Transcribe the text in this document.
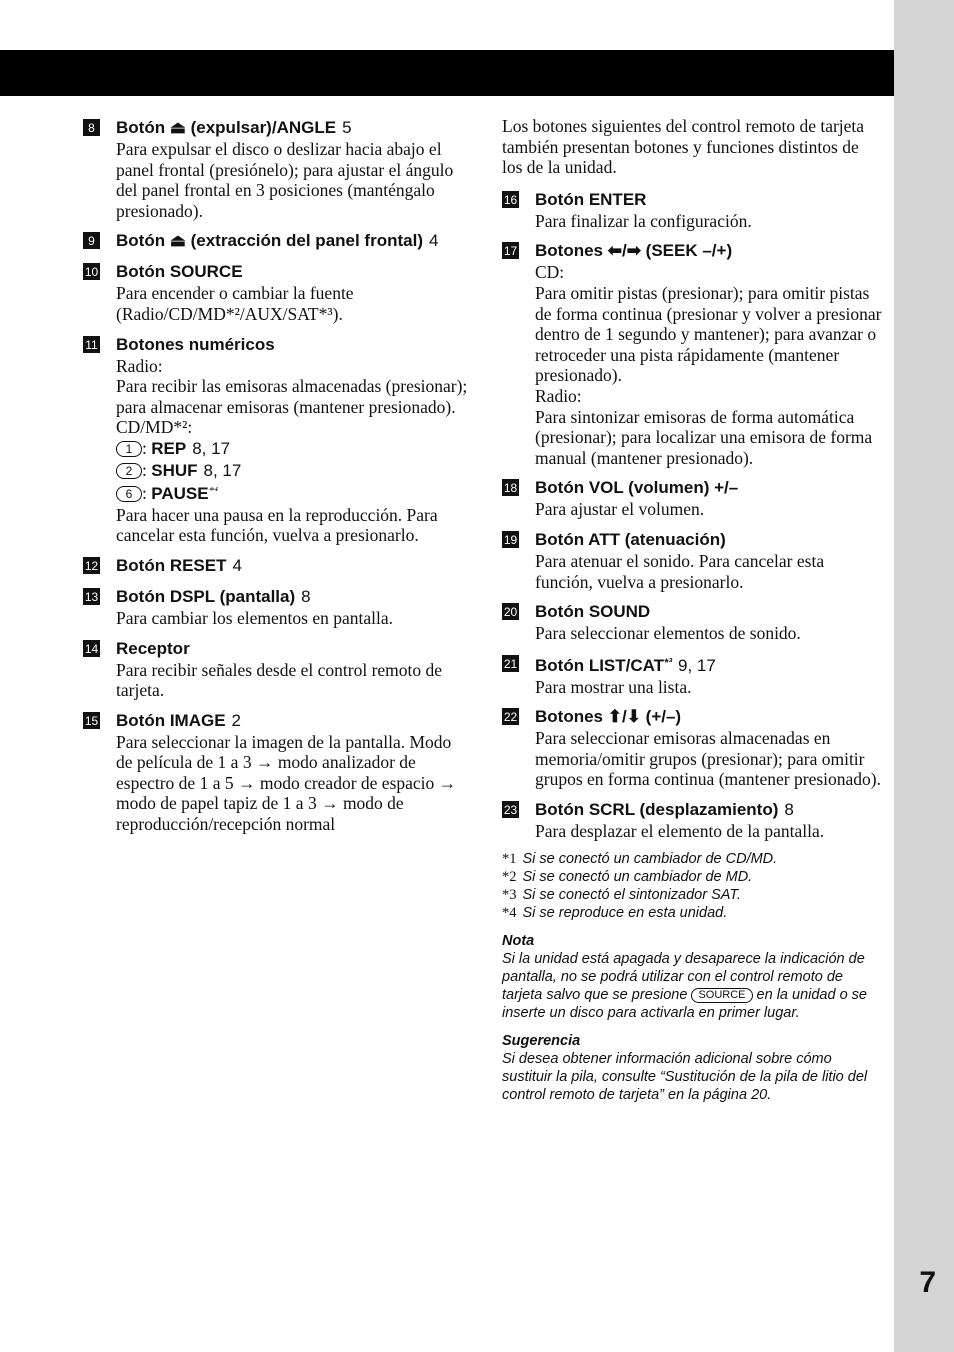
7
8	Botón ⏏ (expulsar)/ANGLE 5
Para expulsar el disco o deslizar hacia abajo el panel frontal (presiónelo); para ajustar el ángulo del panel frontal en 3 posiciones (manténgalo presionado).
9	Botón ⏏ (extracción del panel frontal) 4
10 Botón SOURCE
Para encender o cambiar la fuente (Radio/CD/MD*²/AUX/SAT*³).
11 Botones numéricos
Radio:
Para recibir las emisoras almacenadas (presionar); para almacenar emisoras (mantener presionado).
CD/MD*²:
1 : REP 8, 17
2 : SHUF 8, 17
6 : $PAUSE^{*^4}$
Para hacer una pausa en la reproducción. Para cancelar esta función, vuelva a presionarlo.
12 Botón RESET 4
13 Botón DSPL (pantalla) 8
Para cambiar los elementos en pantalla.
14 Receptor
Para recibir señales desde el control remoto de tarjeta.
15 Botón IMAGE 2
Para seleccionar la imagen de la pantalla. Modo de película de 1 a 3 → modo analizador de espectro de 1 a 5 → modo creador de espacio → modo de papel tapiz de 1 a 3 → modo de reproducción/recepción normal
Los botones siguientes del control remoto de tarjeta también presentan botones y funciones distintos de los de la unidad.
16 Botón ENTER
Para finalizar la configuración.
17 Botones ⬅/➡ (SEEK –/+)
CD:
Para omitir pistas (presionar); para omitir pistas de forma continua (presionar y volver a presionar dentro de 1 segundo y mantener); para avanzar o retroceder una pista rápidamente (mantener presionado).
Radio:
Para sintonizar emisoras de forma automática (presionar); para localizar una emisora de forma manual (mantener presionado).
18 Botón VOL (volumen) +/–
Para ajustar el volumen.
19 Botón ATT (atenuación)
Para atenuar el sonido. Para cancelar esta función, vuelva a presionarlo.
20 Botón SOUND
Para seleccionar elementos de sonido.
21 Botón LIST/$CAT^{*^3}$ 9, 17
Para mostrar una lista.
22 Botones ⬆/⬇ (+/–)
Para seleccionar emisoras almacenadas en memoria/omitir grupos (presionar); para omitir grupos en forma continua (mantener presionado).
23 Botón SCRL (desplazamiento) 8
Para desplazar el elemento de la pantalla.
*1 Si se conectó un cambiador de CD/MD.
*2 Si se conectó un cambiador de MD.
*3 Si se conectó el sintonizador SAT.
*4 Si se reproduce en esta unidad.
Nota
Si la unidad está apagada y desaparece la indicación de pantalla, no se podrá utilizar con el control remoto de tarjeta salvo que se presione SOURCE en la unidad o se inserte un disco para activarla en primer lugar.
Sugerencia
Si desea obtener información adicional sobre cómo sustituir la pila, consulte “Sustitución de la pila de litio del control remoto de tarjeta” en la página 20.
